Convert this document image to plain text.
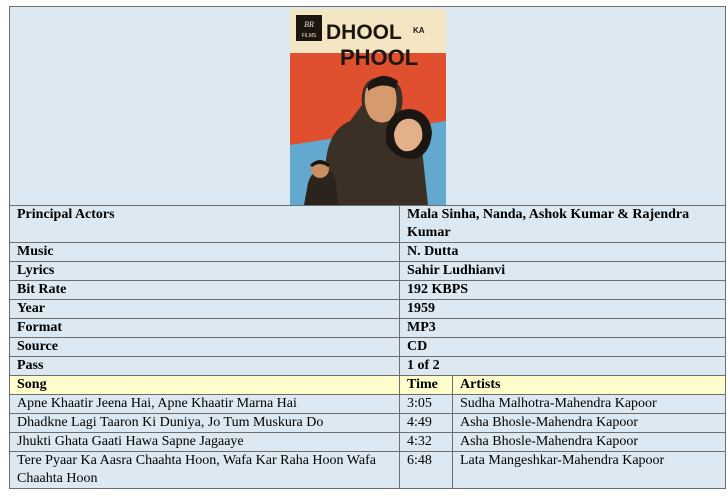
BR
FILMS DHOOL KA
PHOOL		

Principal Actors	Mala Sinha, Nanda, Ashok Kumar & Rajendra Kumar	
Music	N. Dutta	
Lyrics	Sahir Ludhianvi	
Bit Rate	192 KBPS	
Year	1959	
Format	MP3	
Source	CD	
Pass	1 of 2	
Song	Time	Artists
Apne Khaatir Jeena Hai, Apne Khaatir Marna Hai	3:05	Sudha Malhotra-Mahendra Kapoor
Dhadkne Lagi Taaron Ki Duniya, Jo Tum Muskura Do	4:49	Asha Bhosle-Mahendra Kapoor
Jhukti Ghata Gaati Hawa Sapne Jagaaye	4:32	Asha Bhosle-Mahendra Kapoor
Tere Pyaar Ka Aasra Chaahta Hoon, Wafa Kar Raha Hoon Wafa Chaahta Hoon	6:48	Lata Mangeshkar-Mahendra Kapoor
